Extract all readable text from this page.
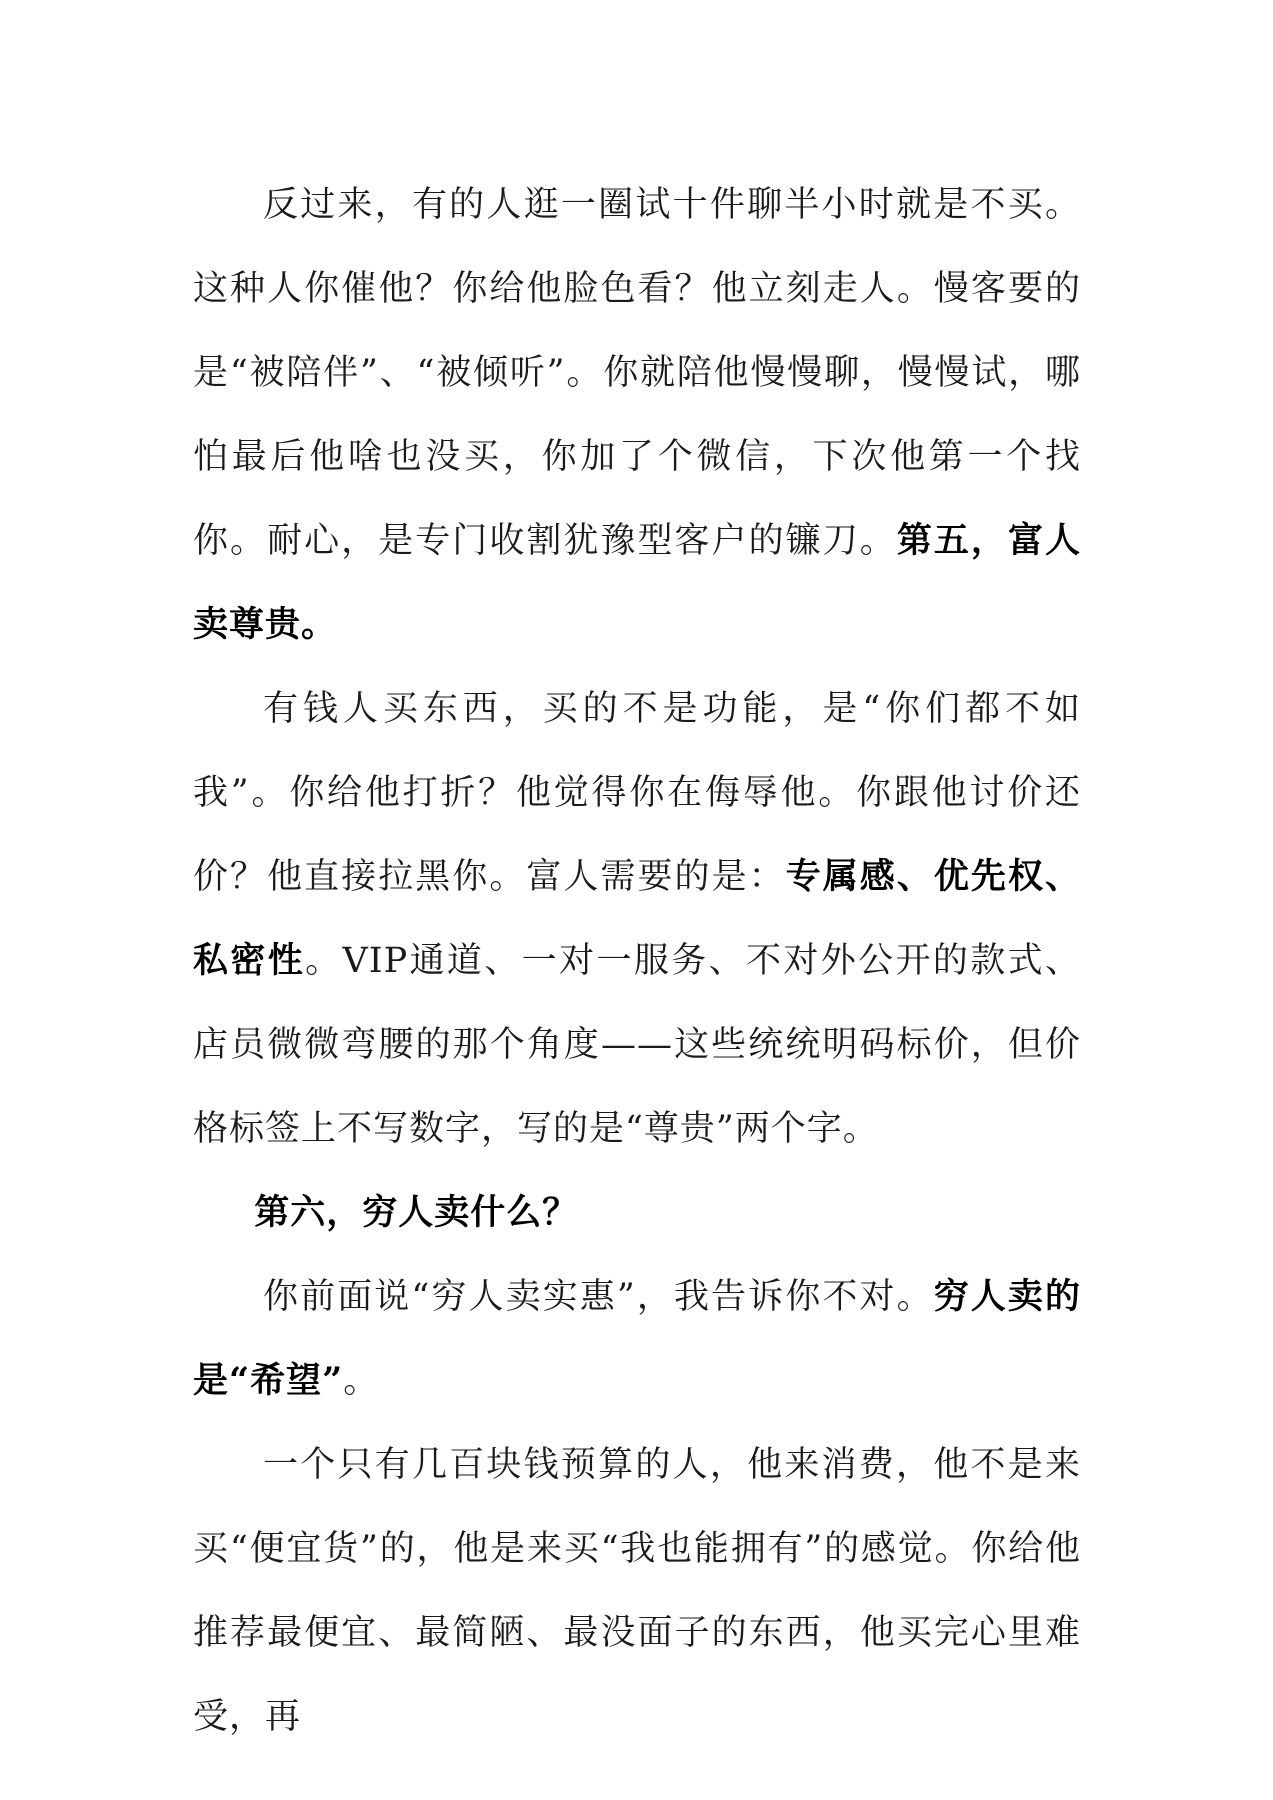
反过来，有的人逛一圈试十件聊半小时就是不买。这种人你催他？你给他脸色看？他立刻走人。慢客要的是“被陪伴”、“被倾听”。你就陪他慢慢聊，慢慢试，哪怕最后他啥也没买，你加了个微信，下次他第一个找你。耐心，是专门收割犹豫型客户的镰刀。第五，富人卖尊贵。

有钱人买东西，买的不是功能，是“你们都不如我”。你给他打折？他觉得你在侮辱他。你跟他讨价还价？他直接拉黑你。富人需要的是：专属感、优先权、私密性。VIP通道、一对一服务、不对外公开的款式、店员微微弯腰的那个角度——这些统统明码标价，但价格标签上不写数字，写的是“尊贵”两个字。

第六，穷人卖什么？

你前面说“穷人卖实惠”，我告诉你不对。穷人卖的是“希望”。

一个只有几百块钱预算的人，他来消费，他不是来买“便宜货”的，他是来买“我也能拥有”的感觉。你给他推荐最便宜、最简陋、最没面子的东西，他买完心里难受，再
